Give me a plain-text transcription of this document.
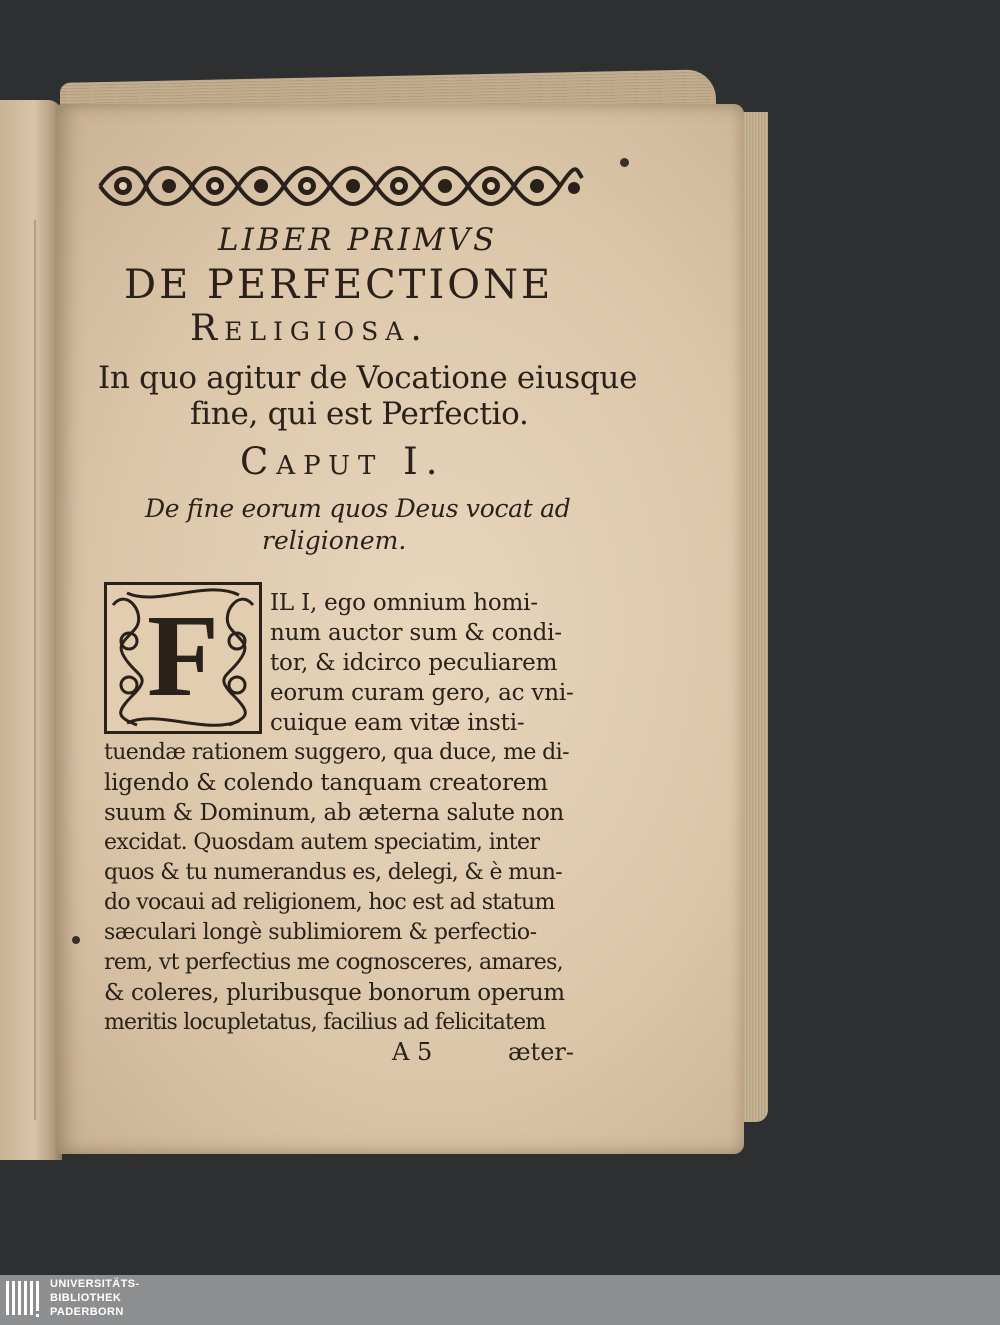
LIBER PRIMVS
DE PERFECTIONE
Religiosa.
In quo agitur de Vocatione eiusque
fine, qui est Perfectio.
Caput I.
De fine eorum quos Deus vocat ad
religionem.
F IL I, ego omnium homi-
num auctor sum & condi-
tor, & idcirco peculiarem
eorum curam gero, ac vni-
cuique eam vitæ insti-
tuendæ rationem suggero, qua duce, me di-
ligendo & colendo tanquam creatorem
suum & Dominum, ab æterna salute non
excidat. Quosdam autem speciatim, inter
quos & tu numerandus es, delegi, & è mun-
do vocaui ad religionem, hoc est ad statum
sæculari longè sublimiorem & perfectio-
rem, vt perfectius me cognosceres, amares,
& coleres, pluribusque bonorum operum
meritis locupletatus, facilius ad felicitatem
A 5	æter-
UNIVERSITÄTS-
BIBLIOTHEK
PADERBORN
